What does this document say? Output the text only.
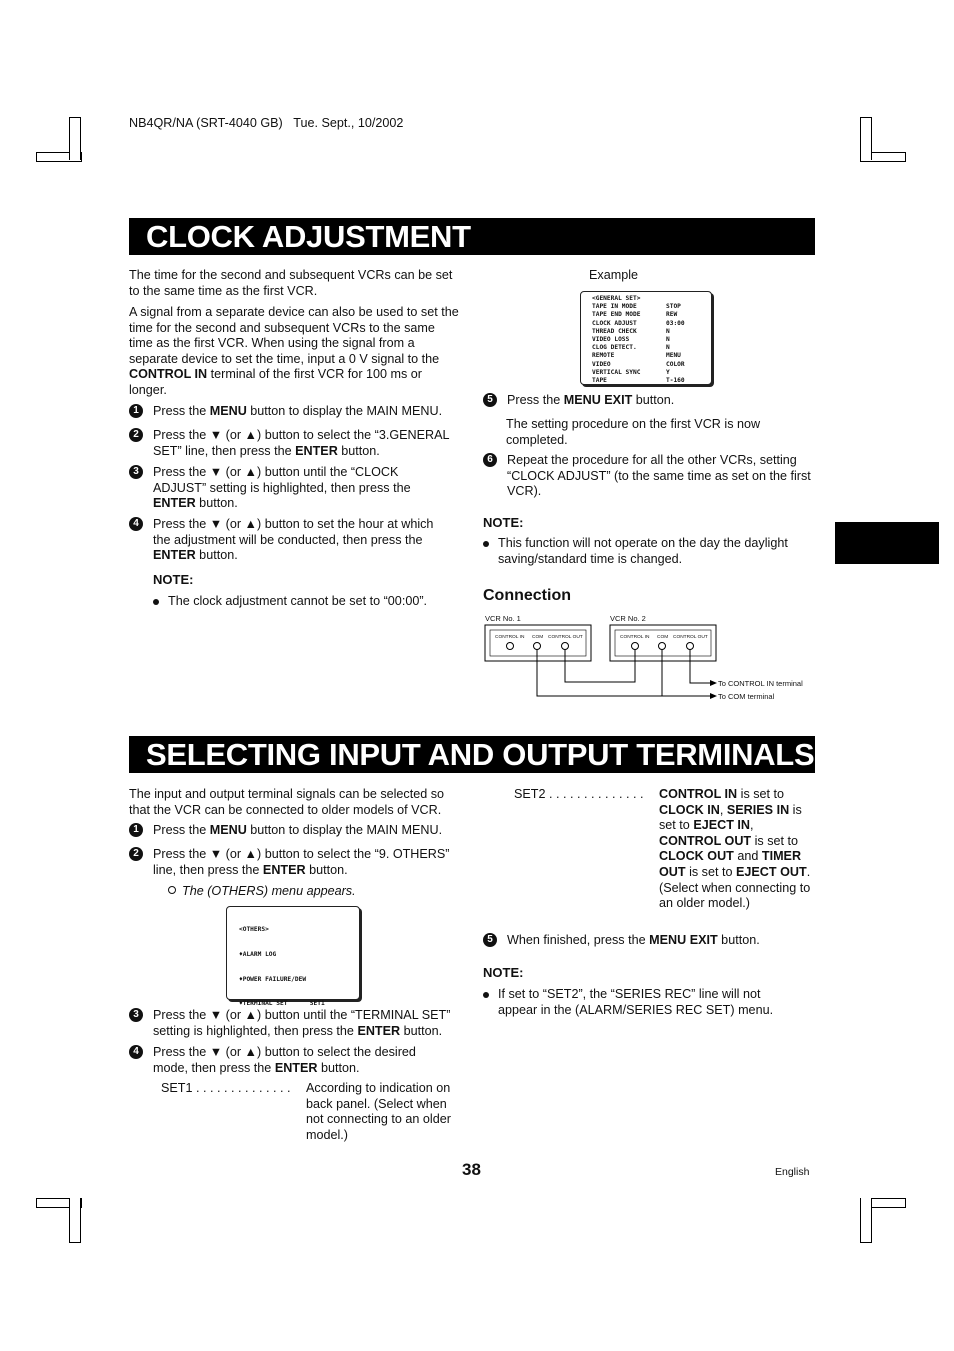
NB4QR/NA (SRT-4040 GB) Tue. Sept., 10/2002
CLOCK ADJUSTMENT

The time for the second and subsequent VCRs can be set to the same time as the first VCR.

A signal from a separate device can also be used to set the time for the second and subsequent VCRs to the same time as the first VCR. When using the signal from a separate device to set the time, input a 0 V signal to the CONTROL IN terminal of the first VCR for 100 ms or longer.

1	Press the MENU button to display the MAIN MENU.
2	Press the ▼ (or ▲) button to select the “3.GENERAL SET” line, then press the ENTER button.
3	Press the ▼ (or ▲) button until the “CLOCK ADJUST” setting is highlighted, then press the ENTER button.
4	Press the ▼ (or ▲) button to set the hour at which the adjustment will be conducted, then press the ENTER button.
NOTE:
The clock adjustment cannot be set to “00:00”.
Example
<GENERAL SET>
TAPE IN MODE	STOP
TAPE END MODE	REW
CLOCK ADJUST	03:00
THREAD CHECK	N
VIDEO LOSS	N
CLOG DETECT.	N
REMOTE	MENU
VIDEO	COLOR
VERTICAL SYNC	Y
TAPE	T-160
5	Press the MENU EXIT button.

The setting procedure on the first VCR is now completed.

6	Repeat the procedure for all the other VCRs, setting “CLOCK ADJUST” (to the same time as set on the first VCR).
NOTE:
This function will not operate on the day the daylight saving/standard time is changed.
Connection
VCR No. 1	VCR No. 2
CONTROL IN COM CONTROL OUT	CONTROL IN COM CONTROL OUT
To CONTROL IN terminal
To COM terminal
SELECTING INPUT AND OUTPUT TERMINALS

The input and output terminal signals can be selected so that the VCR can be connected to older models of VCR.

1	Press the MENU button to display the MAIN MENU.
2	Press the ▼ (or ▲) button to select the “9. OTHERS” line, then press the ENTER button.
The (OTHERS) menu appears.

<OTHERS>

♦ALARM LOG

♦POWER FAILURE/DEW

♦TERMINAL SET      SET1

3	Press the ▼ (or ▲) button until the “TERMINAL SET” setting is highlighted, then press the ENTER button.
4	Press the ▼ (or ▲) button to select the desired mode, then press the ENTER button.
SET1 . . . . . . . . . . . . . . According to indication on back panel. (Select when not connecting to an older model.)

SET2 . . . . . . . . . . . . . . CONTROL IN is set to CLOCK IN, SERIES IN is set to EJECT IN, CONTROL OUT is set to CLOCK OUT and TIMER OUT is set to EJECT OUT. (Select when connecting to an older model.)

5	When finished, press the MENU EXIT button.
NOTE:
If set to “SET2”, the “SERIES REC” line will not appear in the (ALARM/SERIES REC SET) menu.
38	English
